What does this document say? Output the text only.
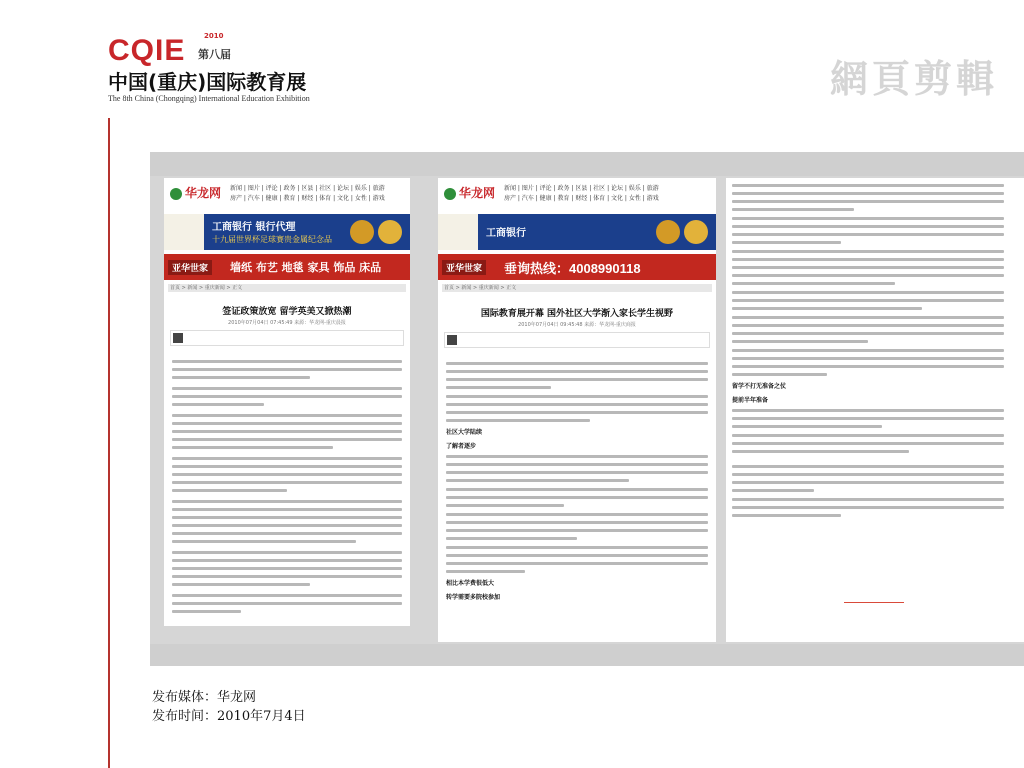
2010
CQIE 第八届
中国(重庆)国际教育展
The 8th China (Chongqing) International Education Exhibition	網頁剪輯
华龙网 新闻 | 图片 | 评论 | 政务 | 区县 | 社区 | 论坛 | 娱乐 | 旅游
房产 | 汽车 | 健康 | 教育 | 财经 | 体育 | 文化 | 女性 | 游戏
工商银行 银行代理
十九届世界杯足球赛贵金属纪念品
亚华世家	墙纸 布艺 地毯 家具 饰品 床品
首页 > 新闻 > 重庆新闻 > 正文
签证政策放宽 留学英美又掀热潮
2010年07月04日 07:45:49 来源：华龙网-重庆晨报
华龙网 新闻 | 图片 | 评论 | 政务 | 区县 | 社区 | 论坛 | 娱乐 | 旅游
房产 | 汽车 | 健康 | 教育 | 财经 | 体育 | 文化 | 女性 | 游戏
工商银行
亚华世家	垂询热线：4008990118
首页 > 新闻 > 重庆新闻 > 正文
国际教育展开幕 国外社区大学渐入家长学生视野
2010年07月04日 09:45:48 来源：华龙网-重庆商报
社区大学陆续
了解者逐步
相比本学费很低大
转学需要多院校参加
留学不打无准备之仗
提前半年准备
发布媒体：华龙网
发布时间：2010年7月4日
